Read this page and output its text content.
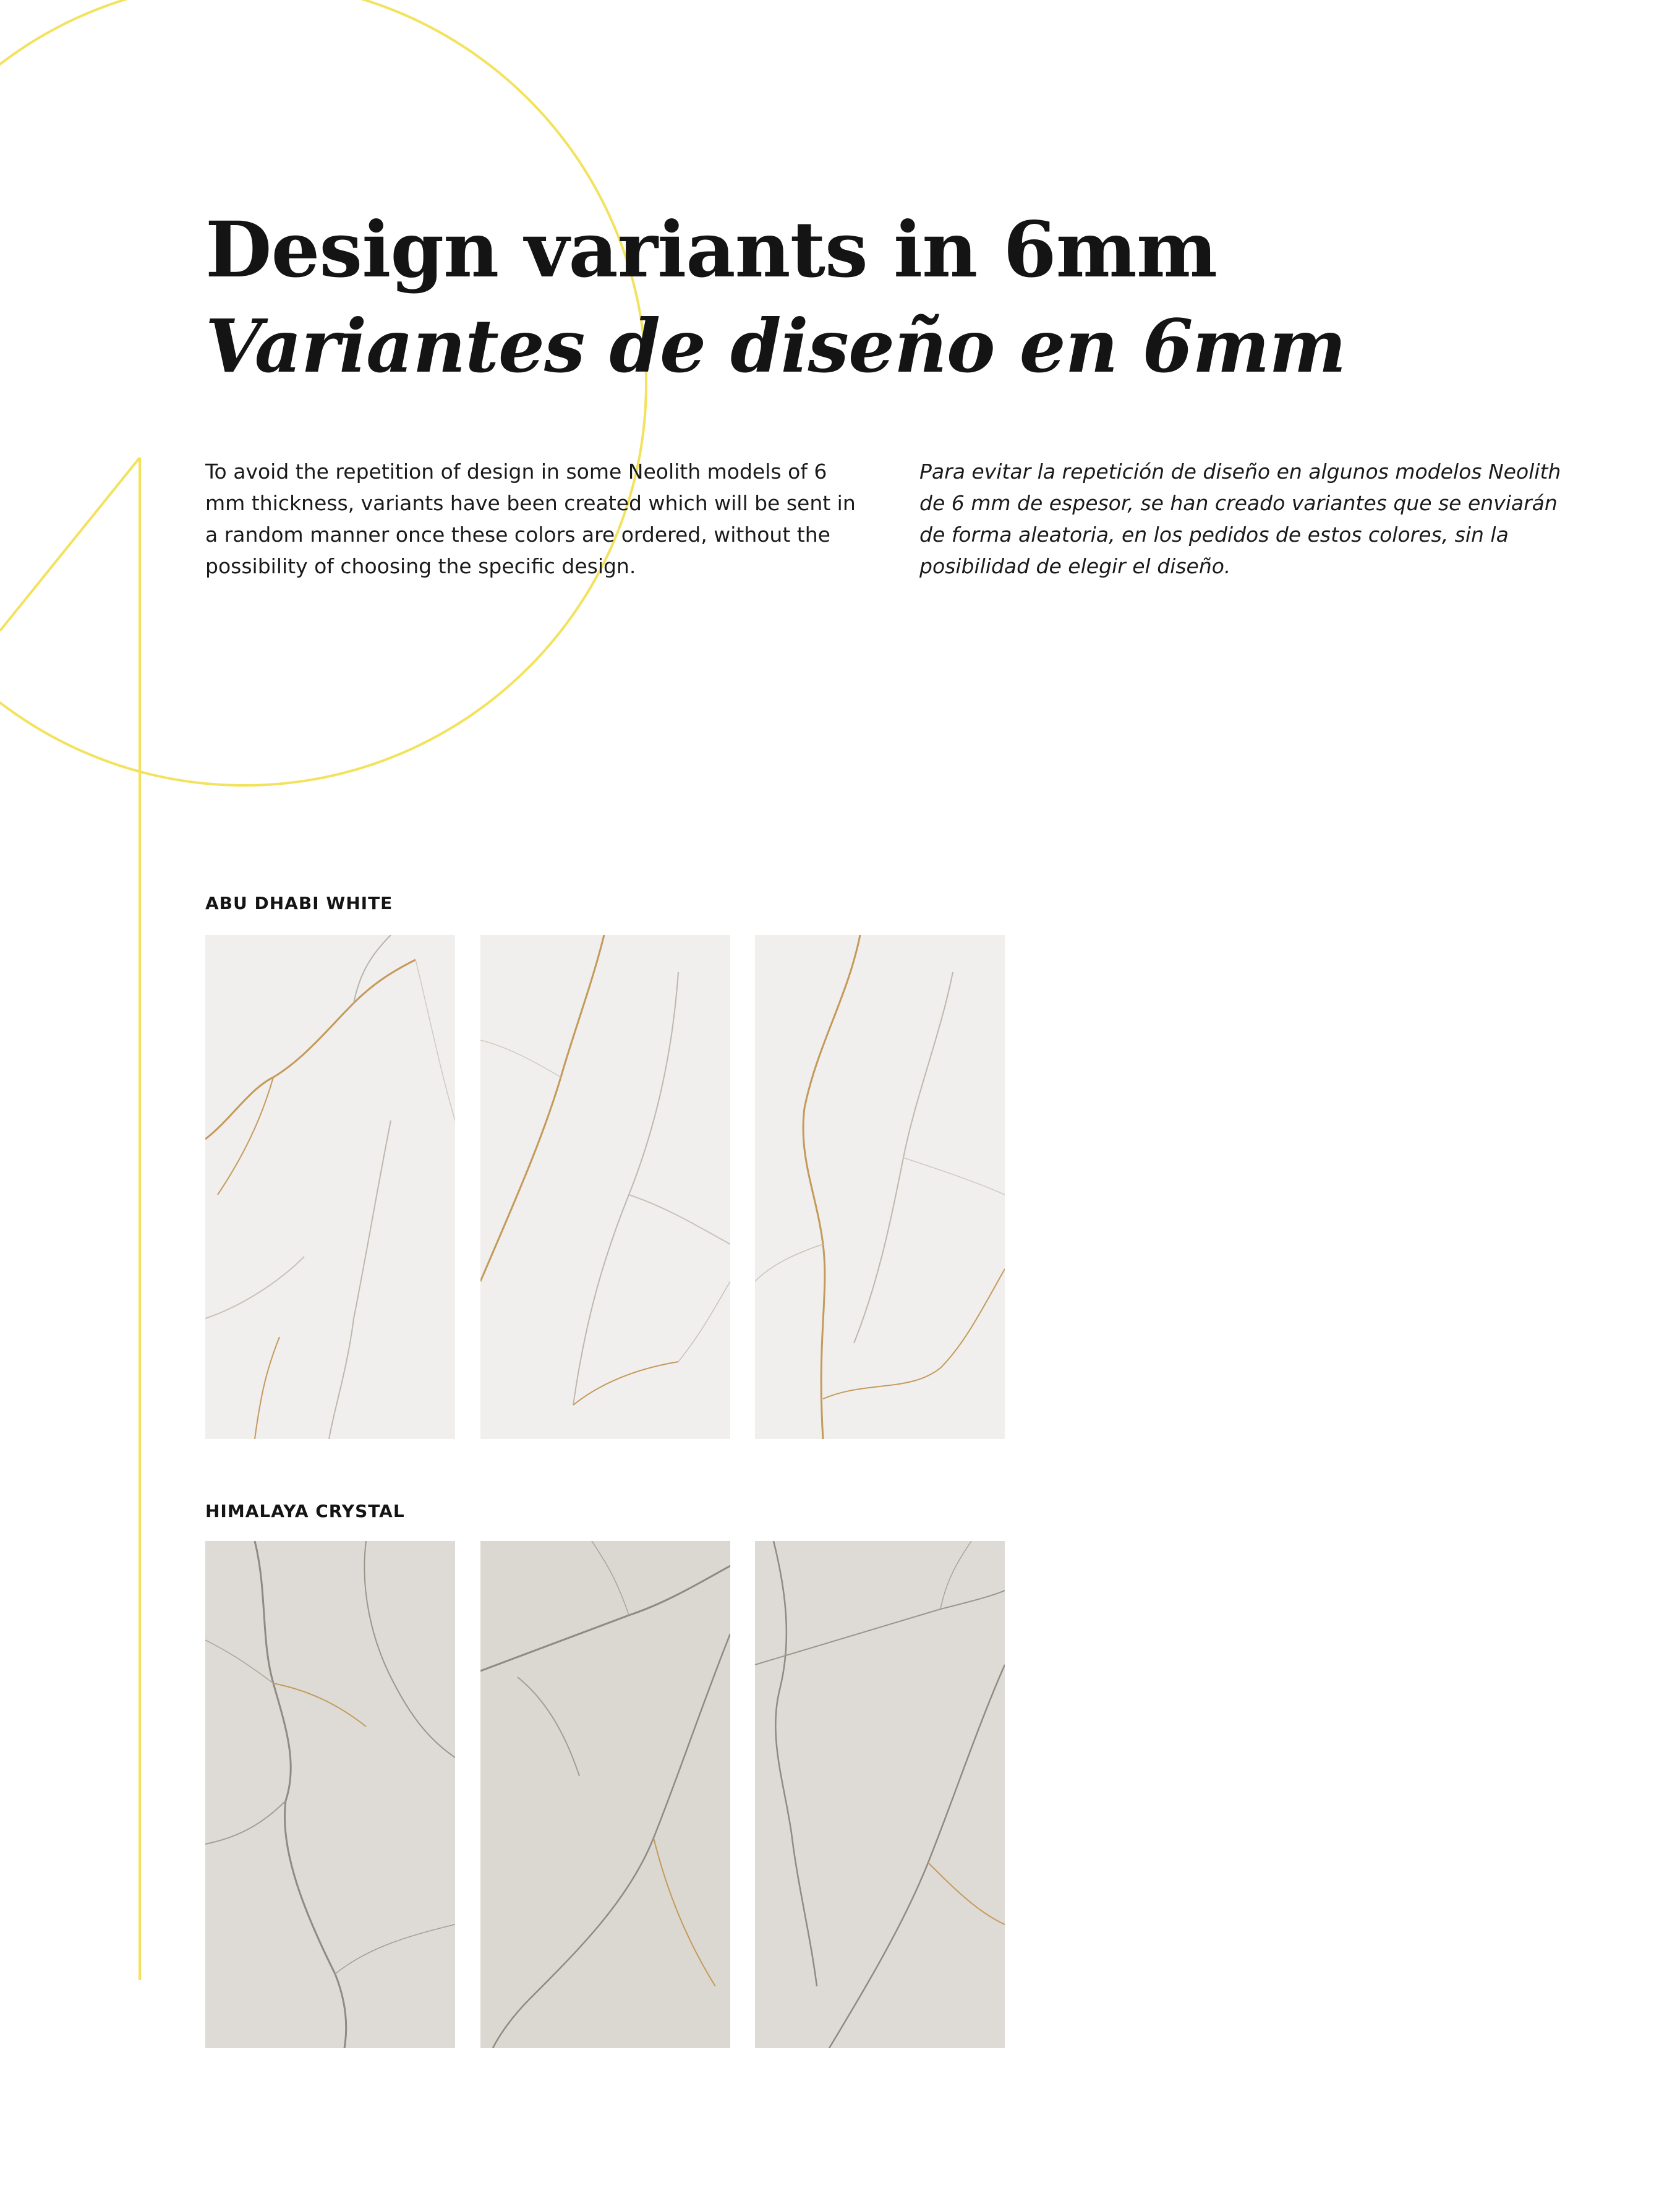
Design variants in 6mm
Variantes de diseño en 6mm

To avoid the repetition of design in some Neolith models of 6 mm thickness, variants have been created which will be sent in a random manner once these colors are ordered, without the possibility of choosing the specific design.

Para evitar la repetición de diseño en algunos modelos Neolith de 6 mm de espesor, se han creado variantes que se enviarán de forma aleatoria, en los pedidos de estos colores, sin la posibilidad de elegir el diseño.

ABU DHABI WHITE
HIMALAYA CRYSTAL
